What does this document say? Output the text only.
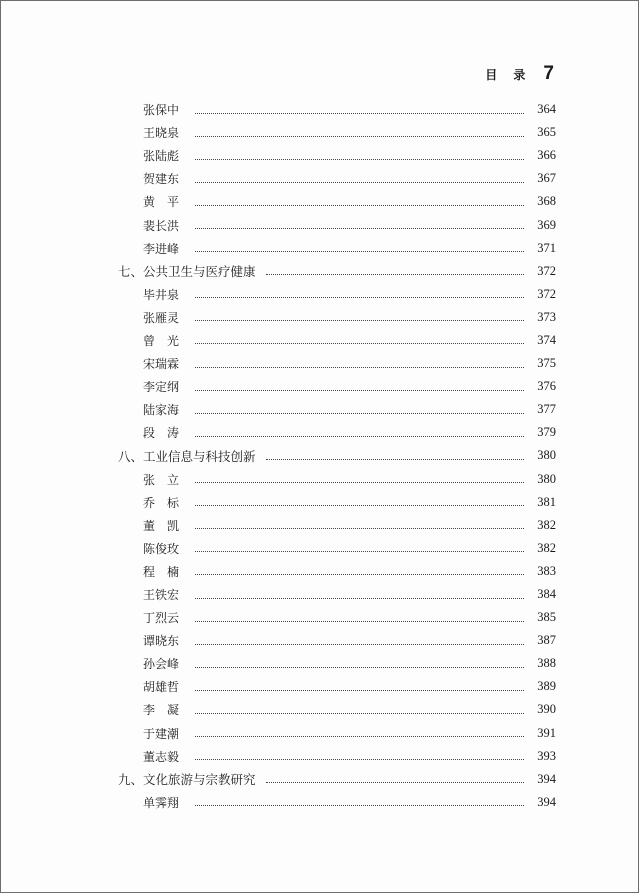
目 录 7
张保中	364
王晓泉	365
张陆彪	366
贺建东	367
黄　平	368
裴长洪	369
李进峰	371
七、公共卫生与医疗健康	372
毕井泉	372
张雁灵	373
曾　光	374
宋瑞霖	375
李定纲	376
陆家海	377
段　涛	379
八、工业信息与科技创新	380
张　立	380
乔　标	381
董　凯	382
陈俊玫	382
程　楠	383
王铁宏	384
丁烈云	385
谭晓东	387
孙会峰	388
胡雄哲	389
李　凝	390
于建潮	391
董志毅	393
九、文化旅游与宗教研究	394
单霁翔	394
